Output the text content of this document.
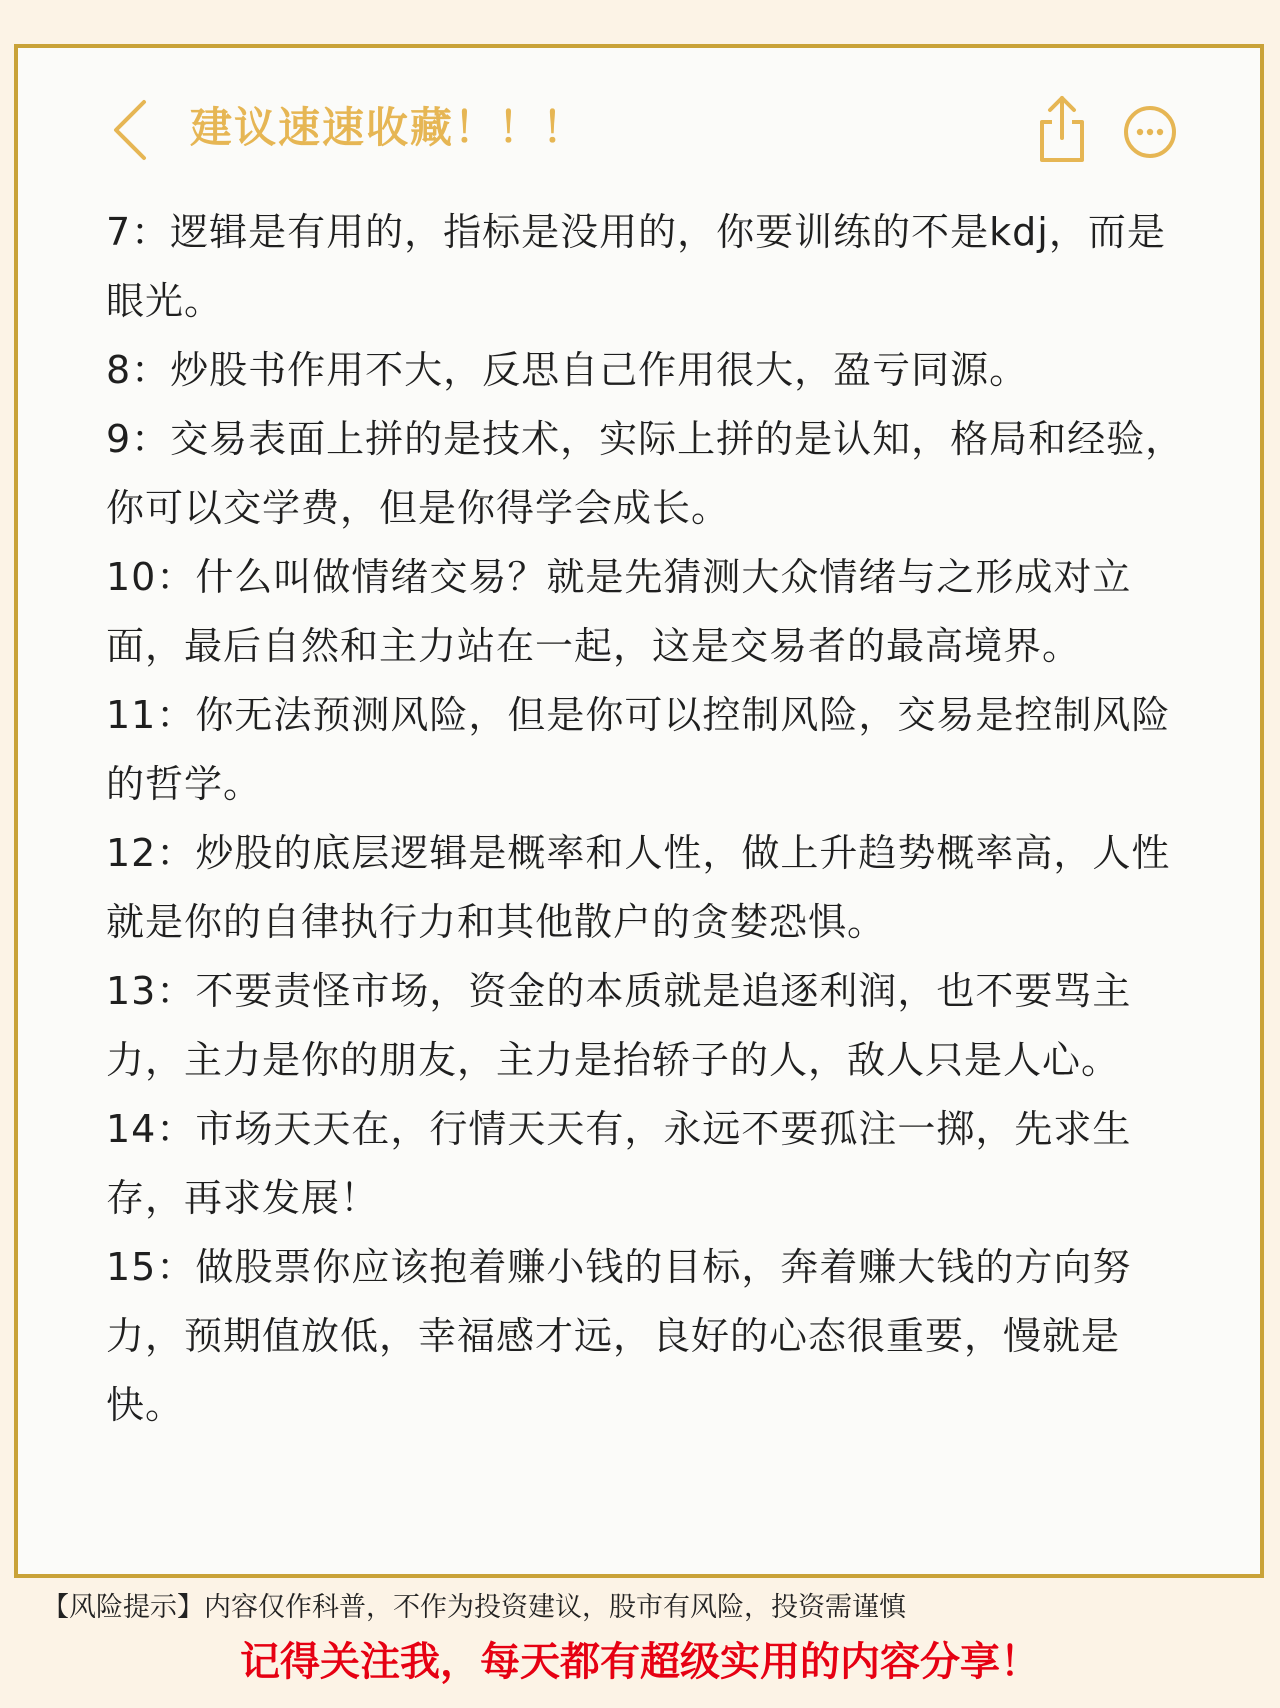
建议速速收藏！！！

7：逻辑是有用的，指标是没用的，你要训练的不是kdj，而是眼光。

8：炒股书作用不大，反思自己作用很大，盈亏同源。

9：交易表面上拼的是技术，实际上拼的是认知，格局和经验，你可以交学费，但是你得学会成长。

10：什么叫做情绪交易？就是先猜测大众情绪与之形成对立面，最后自然和主力站在一起，这是交易者的最高境界。

11：你无法预测风险，但是你可以控制风险，交易是控制风险的哲学。

12：炒股的底层逻辑是概率和人性，做上升趋势概率高，人性就是你的自律执行力和其他散户的贪婪恐惧。

13：不要责怪市场，资金的本质就是追逐利润，也不要骂主力，主力是你的朋友，主力是抬轿子的人，敌人只是人心。

14：市场天天在，行情天天有，永远不要孤注一掷，先求生存，再求发展！

15：做股票你应该抱着赚小钱的目标，奔着赚大钱的方向努力，预期值放低，幸福感才远，良好的心态很重要，慢就是快。

【风险提示】内容仅作科普，不作为投资建议，股市有风险，投资需谨慎
记得关注我，每天都有超级实用的内容分享！
